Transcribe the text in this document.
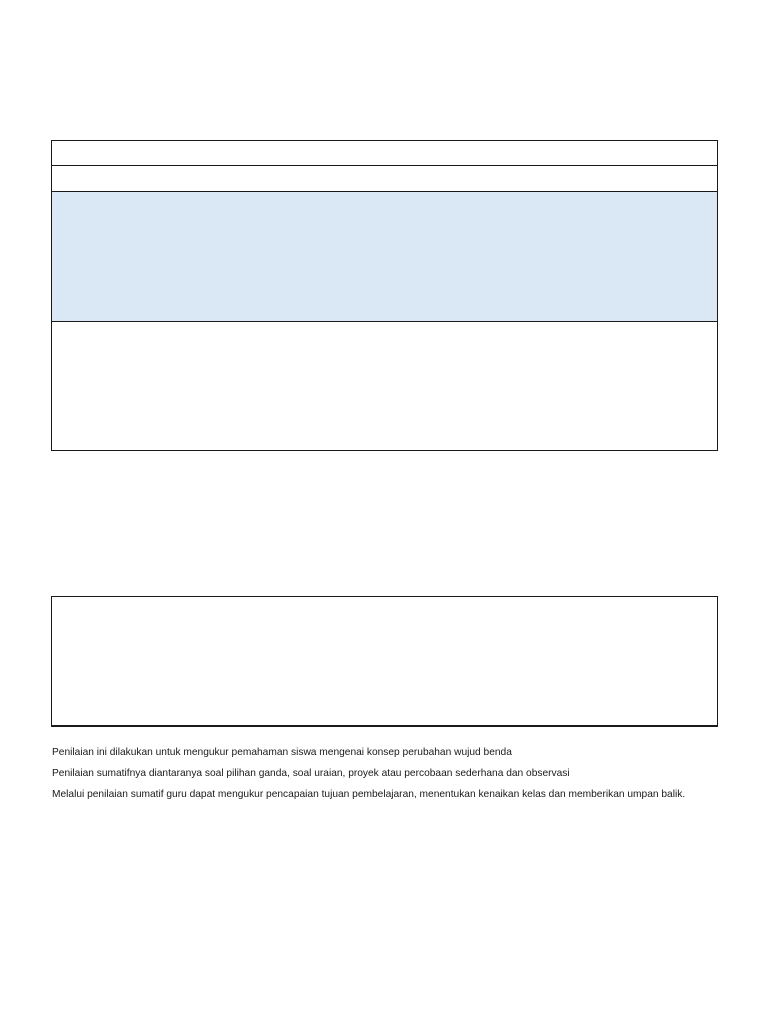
Penilaian ini dilakukan untuk mengukur pemahaman siswa mengenai konsep perubahan wujud benda

Penilaian sumatifnya diantaranya soal pilihan ganda, soal uraian, proyek atau percobaan sederhana dan observasi

Melalui penilaian sumatif guru dapat mengukur pencapaian tujuan pembelajaran, menentukan kenaikan kelas dan memberikan umpan balik.
